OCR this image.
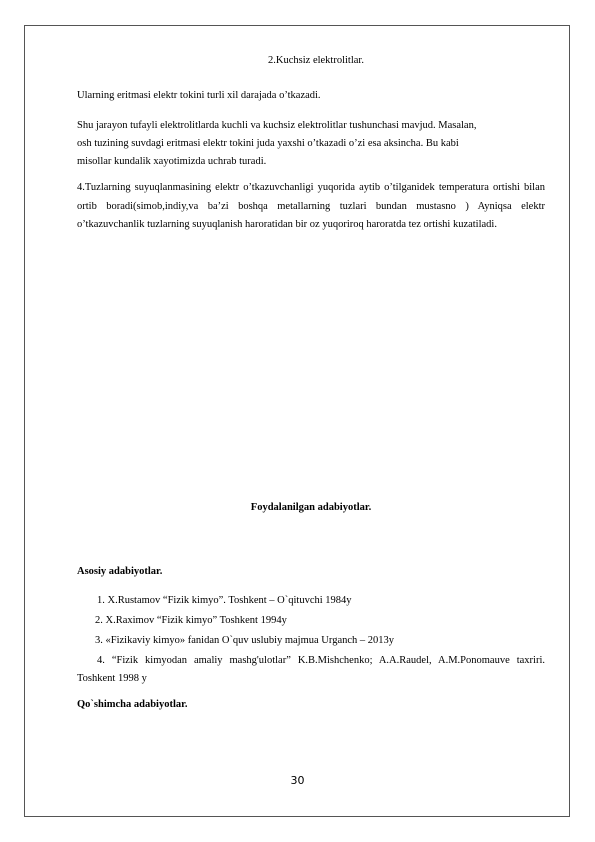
2.Kuchsiz elektrolitlar.

Ularning eritmasi elektr tokini turli xil darajada o’tkazadi.

Shu jarayon tufayli elektrolitlarda kuchli va kuchsiz elektrolitlar tushunchasi mavjud. Masalan,

osh tuzining suvdagi eritmasi elektr tokini juda yaxshi o’tkazadi o’zi esa aksincha. Bu kabi

misollar kundalik xayotimizda uchrab turadi.

4.Tuzlarning suyuqlanmasining elektr o’tkazuvchanligi yuqorida aytib o’tilganidek temperatura ortishi bilan ortib boradi(simob,indiy,va ba’zi boshqa metallarning tuzlari bundan mustasno ) Ayniqsa elektr o’tkazuvchanlik tuzlarning suyuqlanish haroratidan bir oz yuqoriroq haroratda tez ortishi kuzatiladi.

Foydalanilgan adabiyotlar.

Asosiy adabiyotlar.

1. X.Rustamov “Fizik kimyo”. Toshkent – O`qituvchi 1984y
2. X.Raximov “Fizik kimyo” Toshkent 1994y
3. «Fizikaviy kimyo» fanidan O`quv uslubiy majmua Urganch – 2013y
4. “Fizik kimyodan amaliy mashg'ulotlar” K.B.Mishchenko; A.A.Raudel, A.M.Ponomauve taxriri. Toshkent 1998 y

Qo`shimcha adabiyotlar.

30
